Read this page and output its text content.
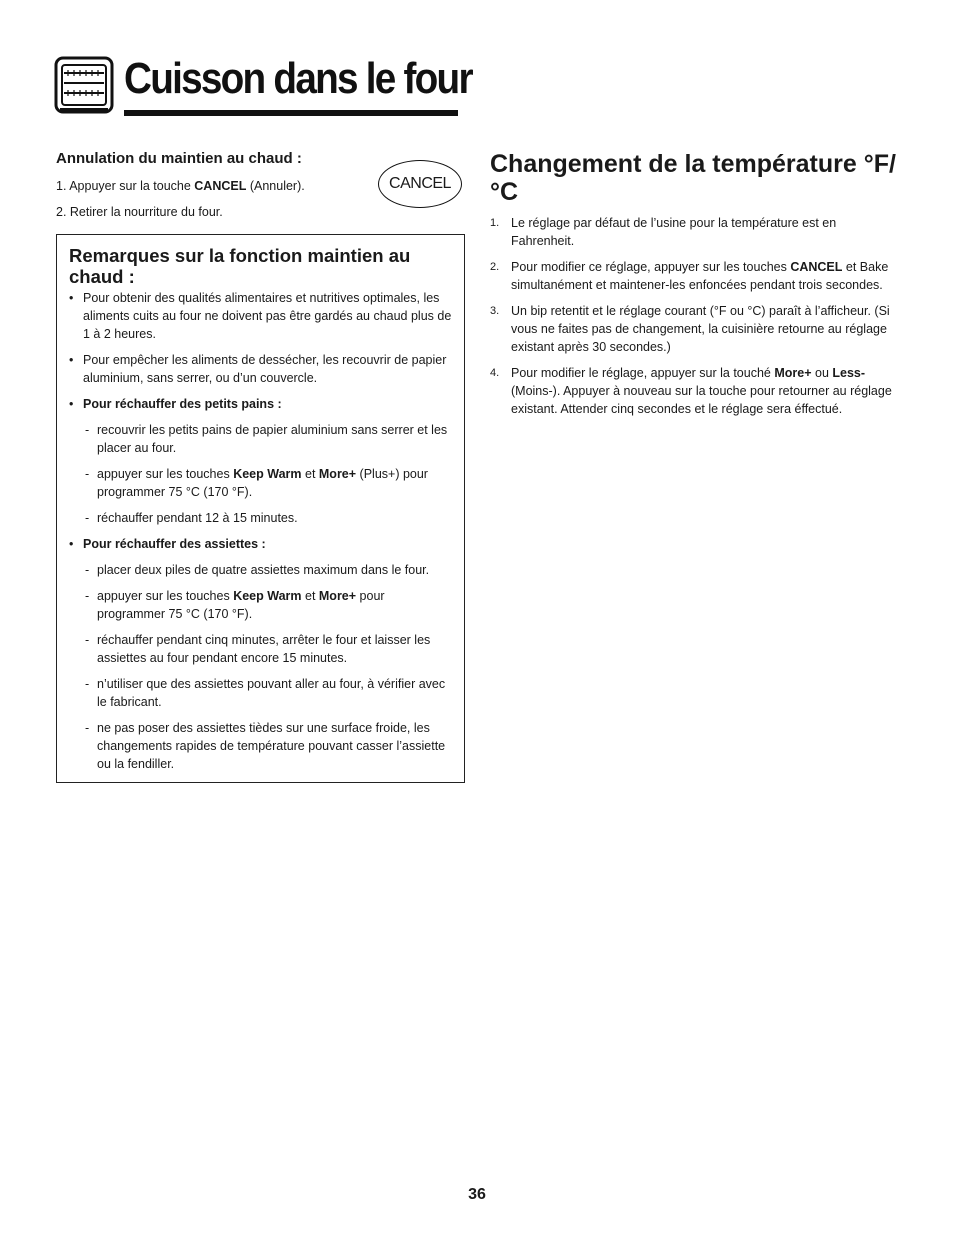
Cuisson dans le four

Annulation du maintien au chaud :

1. Appuyer sur la touche CANCEL (Annuler).
2. Retirer la nourriture du four.
CANCEL

Remarques sur la fonction maintien au chaud :

• Pour obtenir des qualités alimentaires et nutritives optimales, les aliments cuits au four ne doivent pas être gardés au chaud plus de 1 à 2 heures.
• Pour empêcher les aliments de dessécher, les recouvrir de papier aluminium, sans serrer, ou d’un couvercle.
• Pour réchauffer des petits pains :
- recouvrir les petits pains de papier aluminium sans serrer et les placer au four.
- appuyer sur les touches Keep Warm et More+ (Plus+) pour programmer 75 °C (170 °F).
- réchauffer pendant 12 à 15 minutes.
• Pour réchauffer des assiettes :
- placer deux piles de quatre assiettes maximum dans le four.
- appuyer sur les touches Keep Warm et More+ pour programmer 75 °C (170 °F).
- réchauffer pendant cinq minutes, arrêter le four et laisser les assiettes au four pendant encore 15 minutes.
- n’utiliser que des assiettes pouvant aller au four, à vérifier avec le fabricant.
- ne pas poser des assiettes tièdes sur une surface froide, les changements rapides de température pouvant casser l’assiette ou la fendiller.
Changement de la température °F/°C
1. Le réglage par défaut de l’usine pour la température est en Fahrenheit.
2. Pour modifier ce réglage, appuyer sur les touches CANCEL et Bake simultanément et maintener-les enfoncées pendant trois secondes.
3. Un bip retentit et le réglage courant (°F ou °C) paraît à l’afficheur. (Si vous ne faites pas de changement, la cuisinière retourne au réglage existant après 30 secondes.)
4. Pour modifier le réglage, appuyer sur la touché More+ ou Less- (Moins-). Appuyer à nouveau sur la touche pour retourner au réglage existant. Attender cinq secondes et le réglage sera éffectué.
36
